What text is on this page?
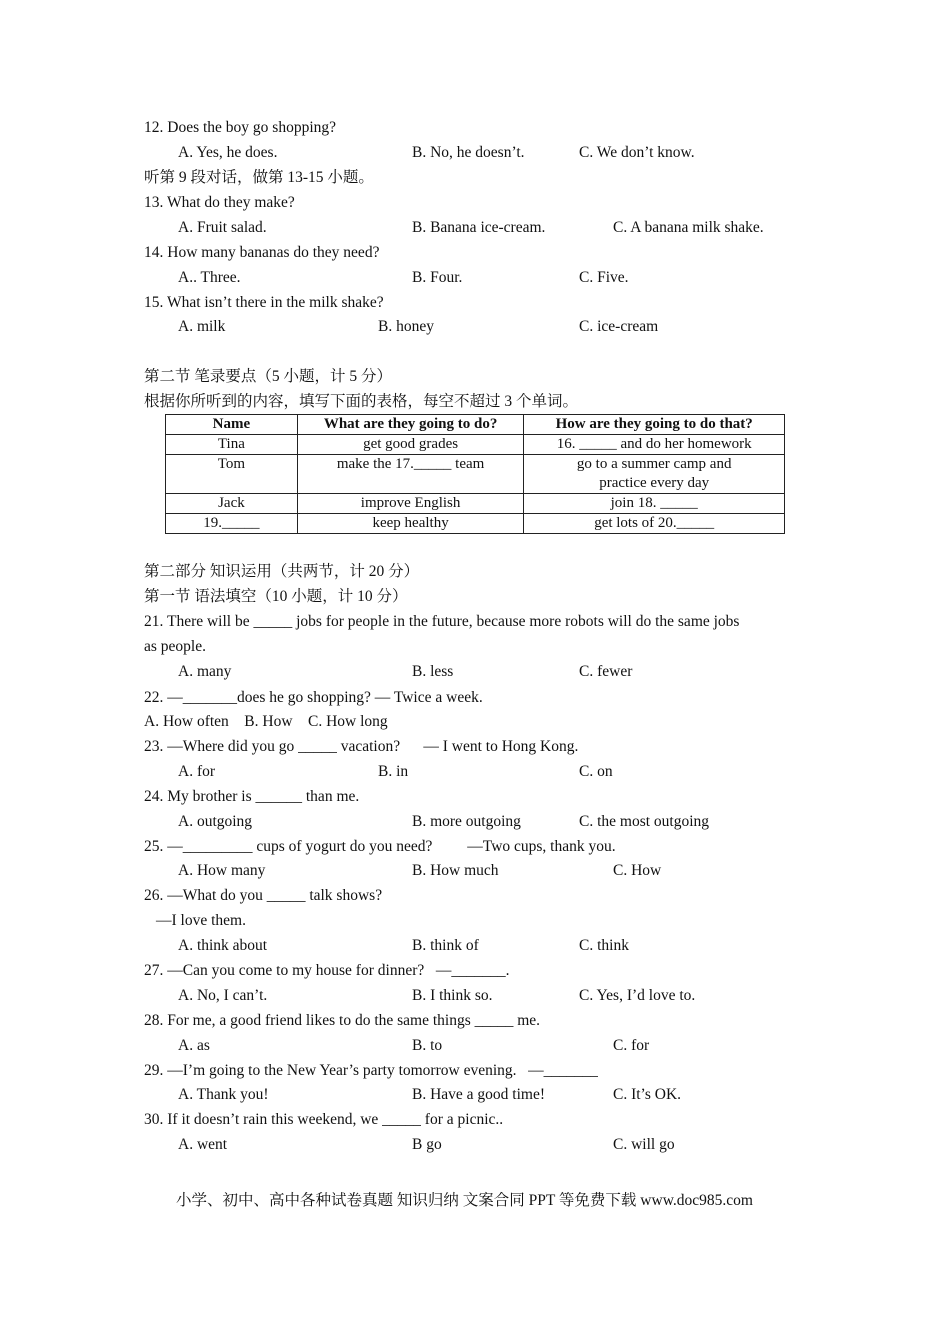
12. Does the boy go shopping?
A. Yes, he does.	B. No, he doesn’t.	C. We don’t know.
听第 9 段对话，做第 13-15 小题。
13. What do they make?
A. Fruit salad.	B. Banana ice-cream.	C. A banana milk shake.
14. How many bananas do they need?
A.. Three.	B. Four.	C. Five.
15. What isn’t there in the milk shake?
A. milk	B. honey	C. ice-cream
第二节 笔录要点（5 小题，计 5 分）
根据你所听到的内容，填写下面的表格，每空不超过 3 个单词。
Name	What are they going to do?	How are they going to do that?
Tina	get good grades	16. _____ and do her homework
Tom	make the 17._____ team	go to a summer camp and practice every day
Jack	improve English	join 18. _____
19._____	keep healthy	get lots of 20._____
第二部分 知识运用（共两节，计 20 分）
第一节 语法填空（10 小题，计 10 分）
21. There will be _____ jobs for people in the future, because more robots will do the same jobs
as people.
A. many	B. less	C. fewer
22. —_______does he go shopping? — Twice a week.
A. How often    B. How    C. How long
23. —Where did you go _____ vacation?      — I went to Hong Kong.
A. for	B. in	C. on
24. My brother is ______ than me.
A. outgoing	B. more outgoing	C. the most outgoing
25. —_________ cups of yogurt do you need?         —Two cups, thank you.
A. How many	B. How much	C. How
26. —What do you _____ talk shows?
—I love them.
A. think about	B. think of	C. think
27. —Can you come to my house for dinner?   —_______.
A. No, I can’t.	B. I think so.	C. Yes, I’d love to.
28. For me, a good friend likes to do the same things _____ me.
A. as	B. to	C. for
29. —I’m going to the New Year’s party tomorrow evening.   —_______
A. Thank you!	B. Have a good time!	C. It’s OK.
30. If it doesn’t rain this weekend, we _____ for a picnic..
A. went	B go	C. will go
小学、初中、高中各种试卷真题 知识归纳 文案合同 PPT 等免费下载 www.doc985.com
